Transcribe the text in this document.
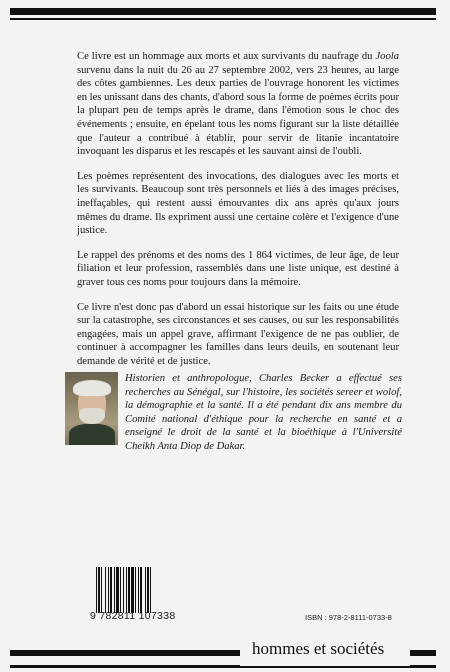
Ce livre est un hommage aux morts et aux survivants du naufrage du Joola survenu dans la nuit du 26 au 27 septembre 2002, vers 23 heures, au large des côtes gambiennes. Les deux parties de l'ouvrage honorent les victimes en les unissant dans des chants, d'abord sous la forme de poèmes écrits pour la plupart peu de temps après le drame, dans l'émotion sous le choc des événements ; ensuite, en épelant tous les noms figurant sur la liste détaillée que l'auteur a contribué à établir, pour servir de litanie incantatoire invoquant les disparus et les rescapés et les sauvant ainsi de l'oubli.

Les poèmes représentent des invocations, des dialogues avec les morts et les survivants. Beaucoup sont très personnels et liés à des images précises, ineffaçables, qui restent aussi émouvantes dix ans après qu'aux jours mêmes du drame. Ils expriment aussi une certaine colère et l'exigence d'une justice.

Le rappel des prénoms et des noms des 1 864 victimes, de leur âge, de leur filiation et leur profession, rassemblés dans une liste unique, est destiné à graver tous ces noms pour toujours dans la mémoire.

Ce livre n'est donc pas d'abord un essai historique sur les faits ou une étude sur la catastrophe, ses circonstances et ses causes, ou sur les responsabilités engagées, mais un appel grave, affirmant l'exigence de ne pas oublier, de continuer à accompagner les familles dans leurs deuils, en soutenant leur demande de vérité et de justice.

Historien et anthropologue, Charles Becker a effectué ses recherches au Sénégal, sur l'histoire, les sociétés sereer et wolof, la démographie et la santé. Il a été pendant dix ans membre du Comité national d'éthique pour la recherche en santé et a enseigné le droit de la santé et la bioéthique à l'Université Cheikh Anta Diop de Dakar.
9 782811 107338	ISBN : 978-2-8111-0733-8
hommes et sociétés
